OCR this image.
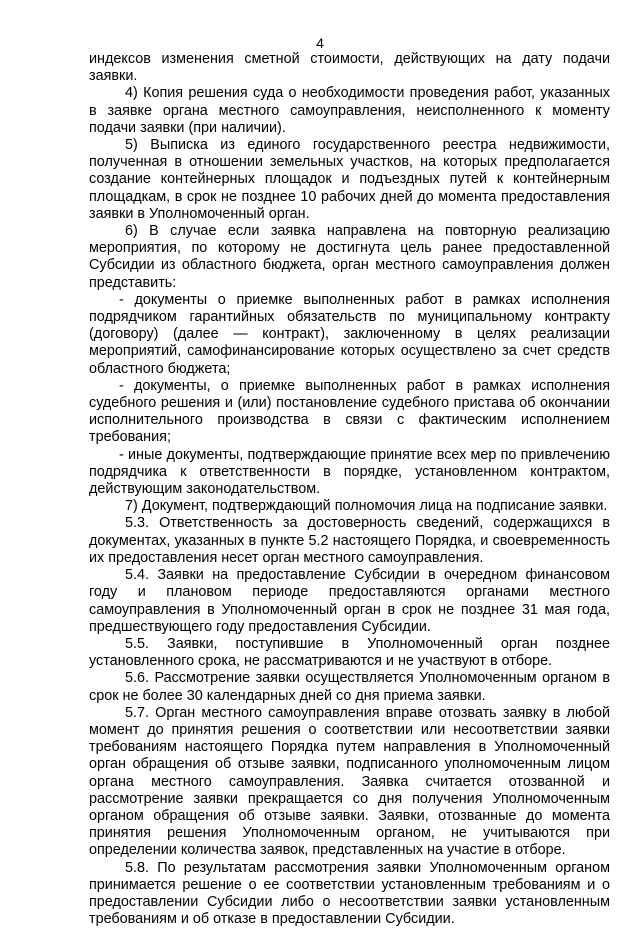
4

индексов изменения сметной стоимости, действующих на дату подачи заявки.

4) Копия решения суда о необходимости проведения работ, указанных в заявке органа местного самоуправления, неисполненного к моменту подачи заявки (при наличии).

5) Выписка из единого государственного реестра недвижимости, полученная в отношении земельных участков, на которых предполагается создание контейнерных площадок и подъездных путей к контейнерным площадкам, в срок не позднее 10 рабочих дней до момента предоставления заявки в Уполномоченный орган.

6) В случае если заявка направлена на повторную реализацию мероприятия, по которому не достигнута цель ранее предоставленной Субсидии из областного бюджета, орган местного самоуправления должен представить:

- документы о приемке выполненных работ в рамках исполнения подрядчиком гарантийных обязательств по муниципальному контракту (договору) (далее — контракт), заключенному в целях реализации мероприятий, самофинансирование которых осуществлено за счет средств областного бюджета;

- документы, о приемке выполненных работ в рамках исполнения судебного решения и (или) постановление судебного пристава об окончании исполнительного производства в связи с фактическим исполнением требования;

- иные документы, подтверждающие принятие всех мер по привлечению подрядчика к ответственности в порядке, установленном контрактом, действующим законодательством.

7) Документ, подтверждающий полномочия лица на подписание заявки.

5.3. Ответственность за достоверность сведений, содержащихся в документах, указанных в пункте 5.2 настоящего Порядка, и своевременность их предоставления несет орган местного самоуправления.

5.4. Заявки на предоставление Субсидии в очередном финансовом году и плановом периоде предоставляются органами местного самоуправления в Уполномоченный орган в срок не позднее 31 мая года, предшествующего году предоставления Субсидии.

5.5. Заявки, поступившие в Уполномоченный орган позднее установленного срока, не рассматриваются и не участвуют в отборе.

5.6. Рассмотрение заявки осуществляется Уполномоченным органом в срок не более 30 календарных дней со дня приема заявки.

5.7. Орган местного самоуправления вправе отозвать заявку в любой момент до принятия решения о соответствии или несоответствии заявки требованиям настоящего Порядка путем направления в Уполномоченный орган обращения об отзыве заявки, подписанного уполномоченным лицом органа местного самоуправления. Заявка считается отозванной и рассмотрение заявки прекращается со дня получения Уполномоченным органом обращения об отзыве заявки. Заявки, отозванные до момента принятия решения Уполномоченным органом, не учитываются при определении количества заявок, представленных на участие в отборе.

5.8. По результатам рассмотрения заявки Уполномоченным органом принимается решение о ее соответствии установленным требованиям и о предоставлении Субсидии либо о несоответствии заявки установленным требованиям и об отказе в предоставлении Субсидии.
